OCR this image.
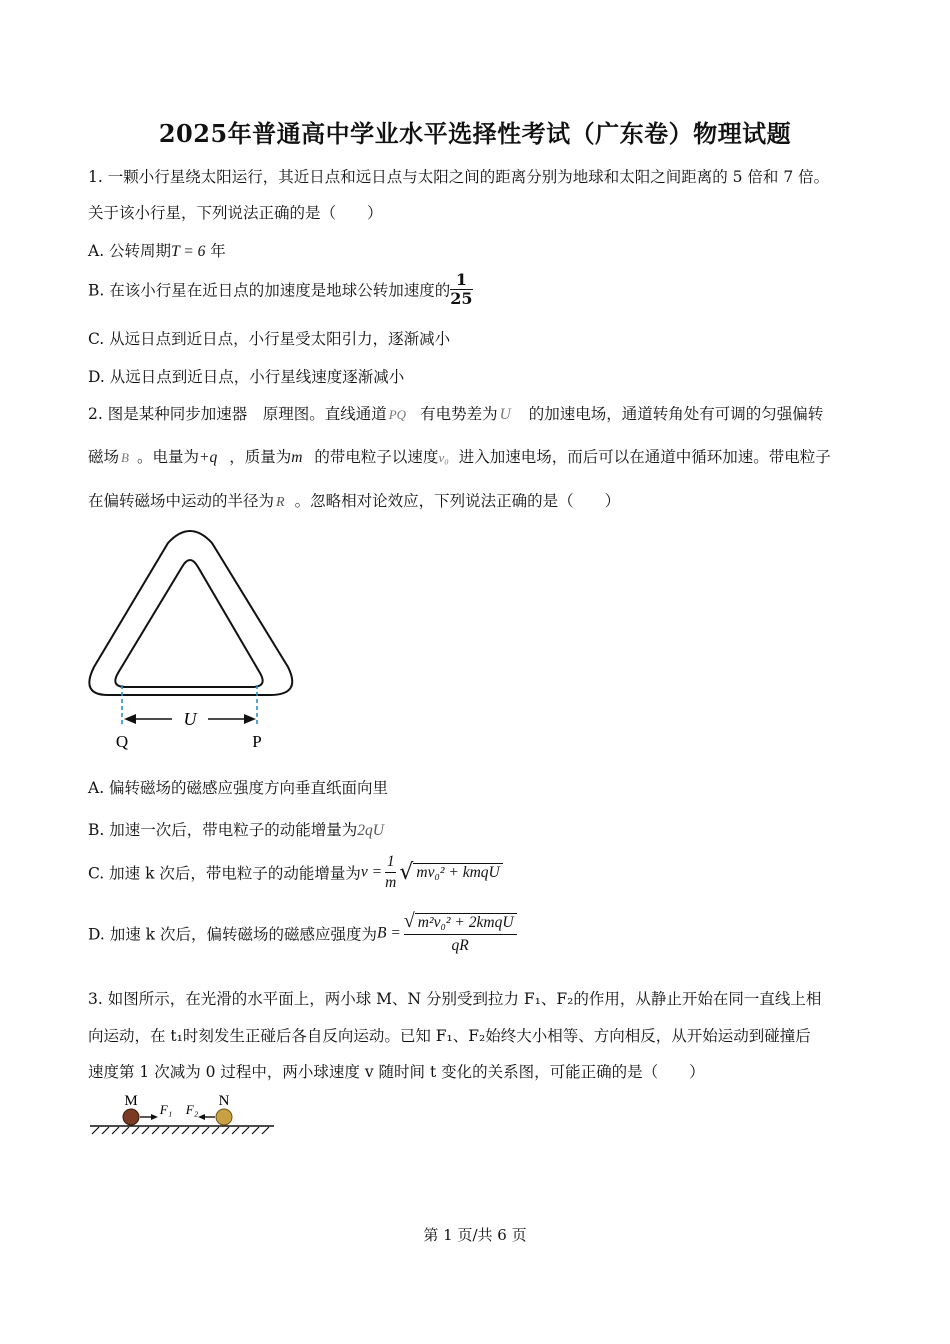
2025年普通高中学业水平选择性考试（广东卷）物理试题
1. 一颗小行星绕太阳运行，其近日点和远日点与太阳之间的距离分别为地球和太阳之间距离的 5 倍和 7 倍。
关于该小行星，下列说法正确的是（　　）
A. 公转周期T = 6 年
B. 在该小行星在近日点的加速度是地球公转加速度的 $\frac{1}{25}$
C. 从远日点到近日点，小行星受太阳引力，逐渐减小
D. 从远日点到近日点，小行星线速度逐渐减小
2. 图是某种同步加速器　原理图。直线通道 PQ 有电势差为 U 的加速电场，通道转角处有可调的匀强偏转
磁场 B 。电量为+q ，质量为m 的带电粒子以速度v₀ 进入加速电场，而后可以在通道中循环加速。带电粒子
在偏转磁场中运动的半径为 R 。忽略相对论效应，下列说法正确的是（　　）
U
Q	P
A. 偏转磁场的磁感应强度方向垂直纸面向里
B. 加速一次后，带电粒子的动能增量为2qU
C. 加速 k 次后，带电粒子的动能增量为$v = \frac{1}{m}$ √ mv₀² + kmqU
D. 加速 k 次后，偏转磁场的磁感应强度为$B = \frac{\text{√ m²v₀² + 2kmqU}}{qR}$
3. 如图所示，在光滑的水平面上，两小球 M、N 分别受到拉力 F₁、F₂的作用，从静止开始在同一直线上相
向运动，在 t₁时刻发生正碰后各自反向运动。已知 F₁、F₂始终大小相等、方向相反，从开始运动到碰撞后
速度第 1 次减为 0 过程中，两小球速度 v 随时间 t 变化的关系图，可能正确的是（　　）
M	N
F₁ F₂
第 1 页/共 6 页
